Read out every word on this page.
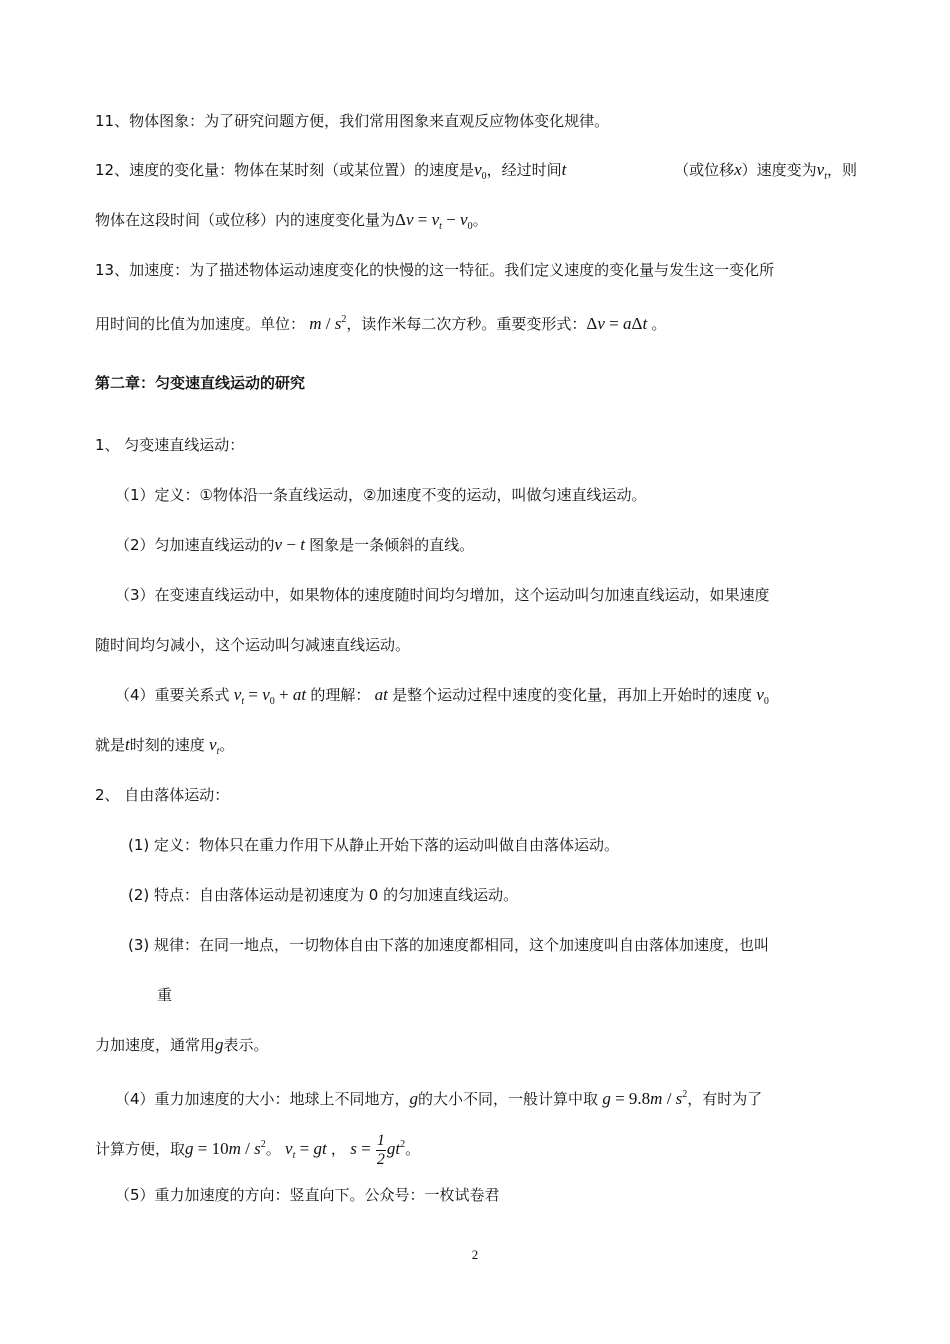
11、物体图象：为了研究问题方便，我们常用图象来直观反应物体变化规律。
12、速度的变化量：物体在某时刻（或某位置）的速度是$v_0$，经过时间t	（或位移x）速度变为$v_t$，则
物体在这段时间（或位移）内的速度变化量为$\Delta v = v_t - v_0$。
13、加速度：为了描述物体运动速度变化的快慢的这一特征。我们定义速度的变化量与发生这一变化所
用时间的比值为加速度。单位： m / $s^2$，读作米每二次方秒。重要变形式：Δv = aΔt 。
第二章：匀变速直线运动的研究
1、 匀变速直线运动：
（1）定义：①物体沿一条直线运动，②加速度不变的运动，叫做匀速直线运动。
（2）匀加速直线运动的v − t 图象是一条倾斜的直线。
（3）在变速直线运动中，如果物体的速度随时间均匀增加，这个运动叫匀加速直线运动，如果速度
随时间均匀减小，这个运动叫匀减速直线运动。
（4）重要关系式 $v_t = v_0$ + at 的理解： at 是整个运动过程中速度的变化量，再加上开始时的速度 $v_0$
就是t时刻的速度 $v_t$。
2、 自由落体运动：
(1) 定义：物体只在重力作用下从静止开始下落的运动叫做自由落体运动。
(2) 特点：自由落体运动是初速度为 0 的匀加速直线运动。
(3) 规律：在同一地点，一切物体自由下落的加速度都相同，这个加速度叫自由落体加速度，也叫
重
力加速度，通常用g表示。
（4）重力加速度的大小：地球上不同地方，g的大小不同，一般计算中取 $g = 9.8m / s^2$，有时为了
计算方便，取$g = 10m / s^2$。 $v_t$ = gt ， $s = \frac{1}{2} gt^2$。
（5）重力加速度的方向：竖直向下。公众号：一枚试卷君
2
